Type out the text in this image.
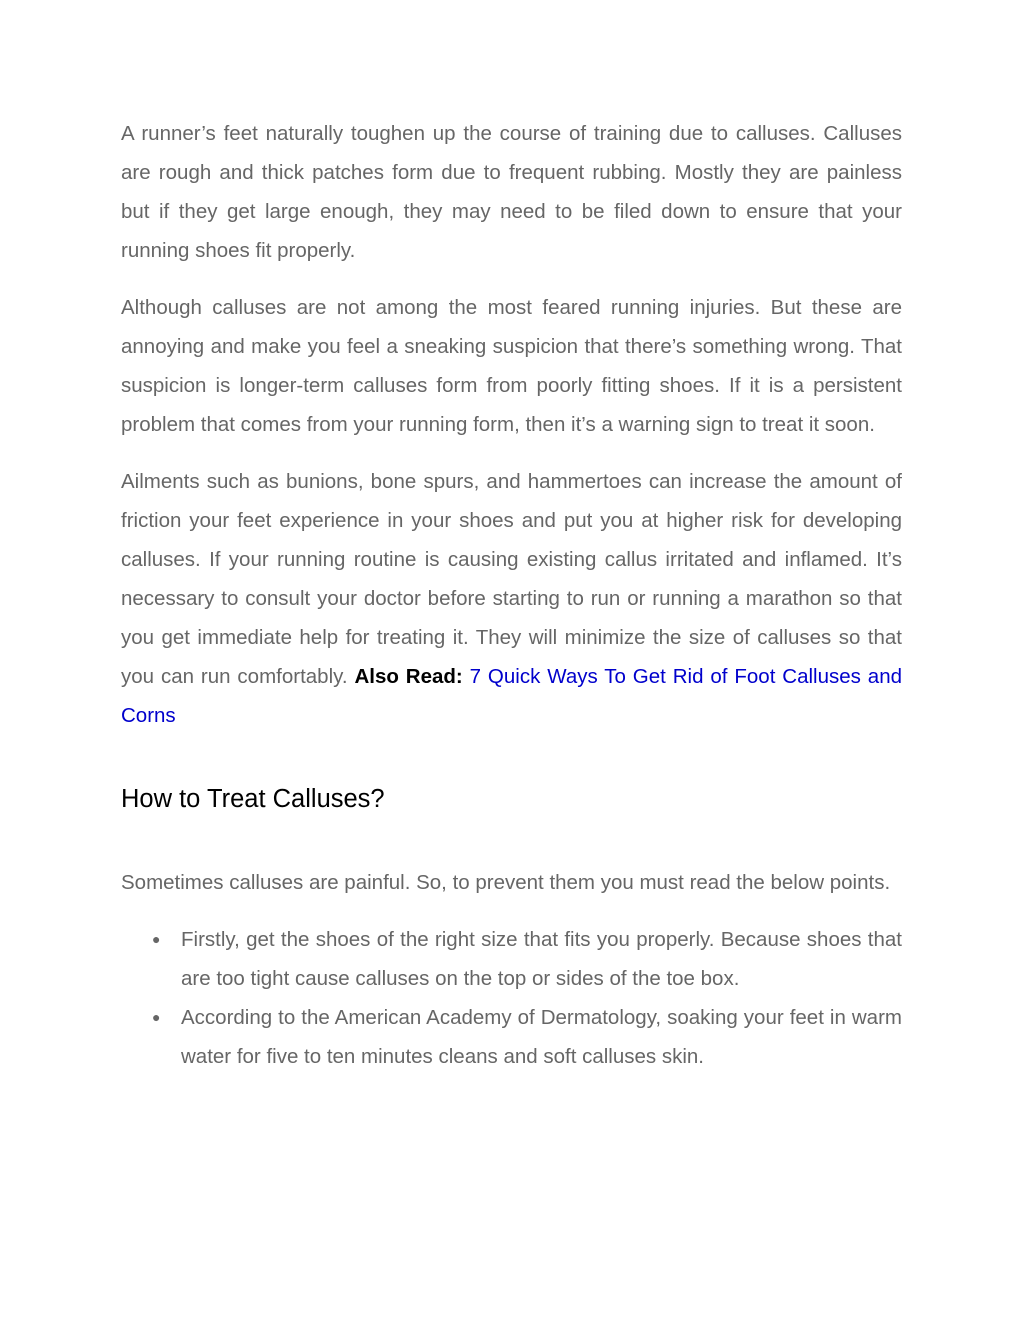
A runner’s feet naturally toughen up the course of training due to calluses. Calluses are rough and thick patches form due to frequent rubbing. Mostly they are painless but if they get large enough, they may need to be filed down to ensure that your running shoes fit properly.

Although calluses are not among the most feared running injuries. But these are annoying and make you feel a sneaking suspicion that there’s something wrong. That suspicion is longer-term calluses form from poorly fitting shoes. If it is a persistent problem that comes from your running form, then it’s a warning sign to treat it soon.

Ailments such as bunions, bone spurs, and hammertoes can increase the amount of friction your feet experience in your shoes and put you at higher risk for developing calluses. If your running routine is causing existing callus irritated and inflamed. It’s necessary to consult your doctor before starting to run or running a marathon so that you get immediate help for treating it. They will minimize the size of calluses so that you can run comfortably. Also Read: 7 Quick Ways To Get Rid of Foot Calluses and Corns

How to Treat Calluses?

Sometimes calluses are painful. So, to prevent them you must read the below points.

● Firstly, get the shoes of the right size that fits you properly. Because shoes that are too tight cause calluses on the top or sides of the toe box.
● According to the American Academy of Dermatology, soaking your feet in warm water for five to ten minutes cleans and soft calluses skin.
